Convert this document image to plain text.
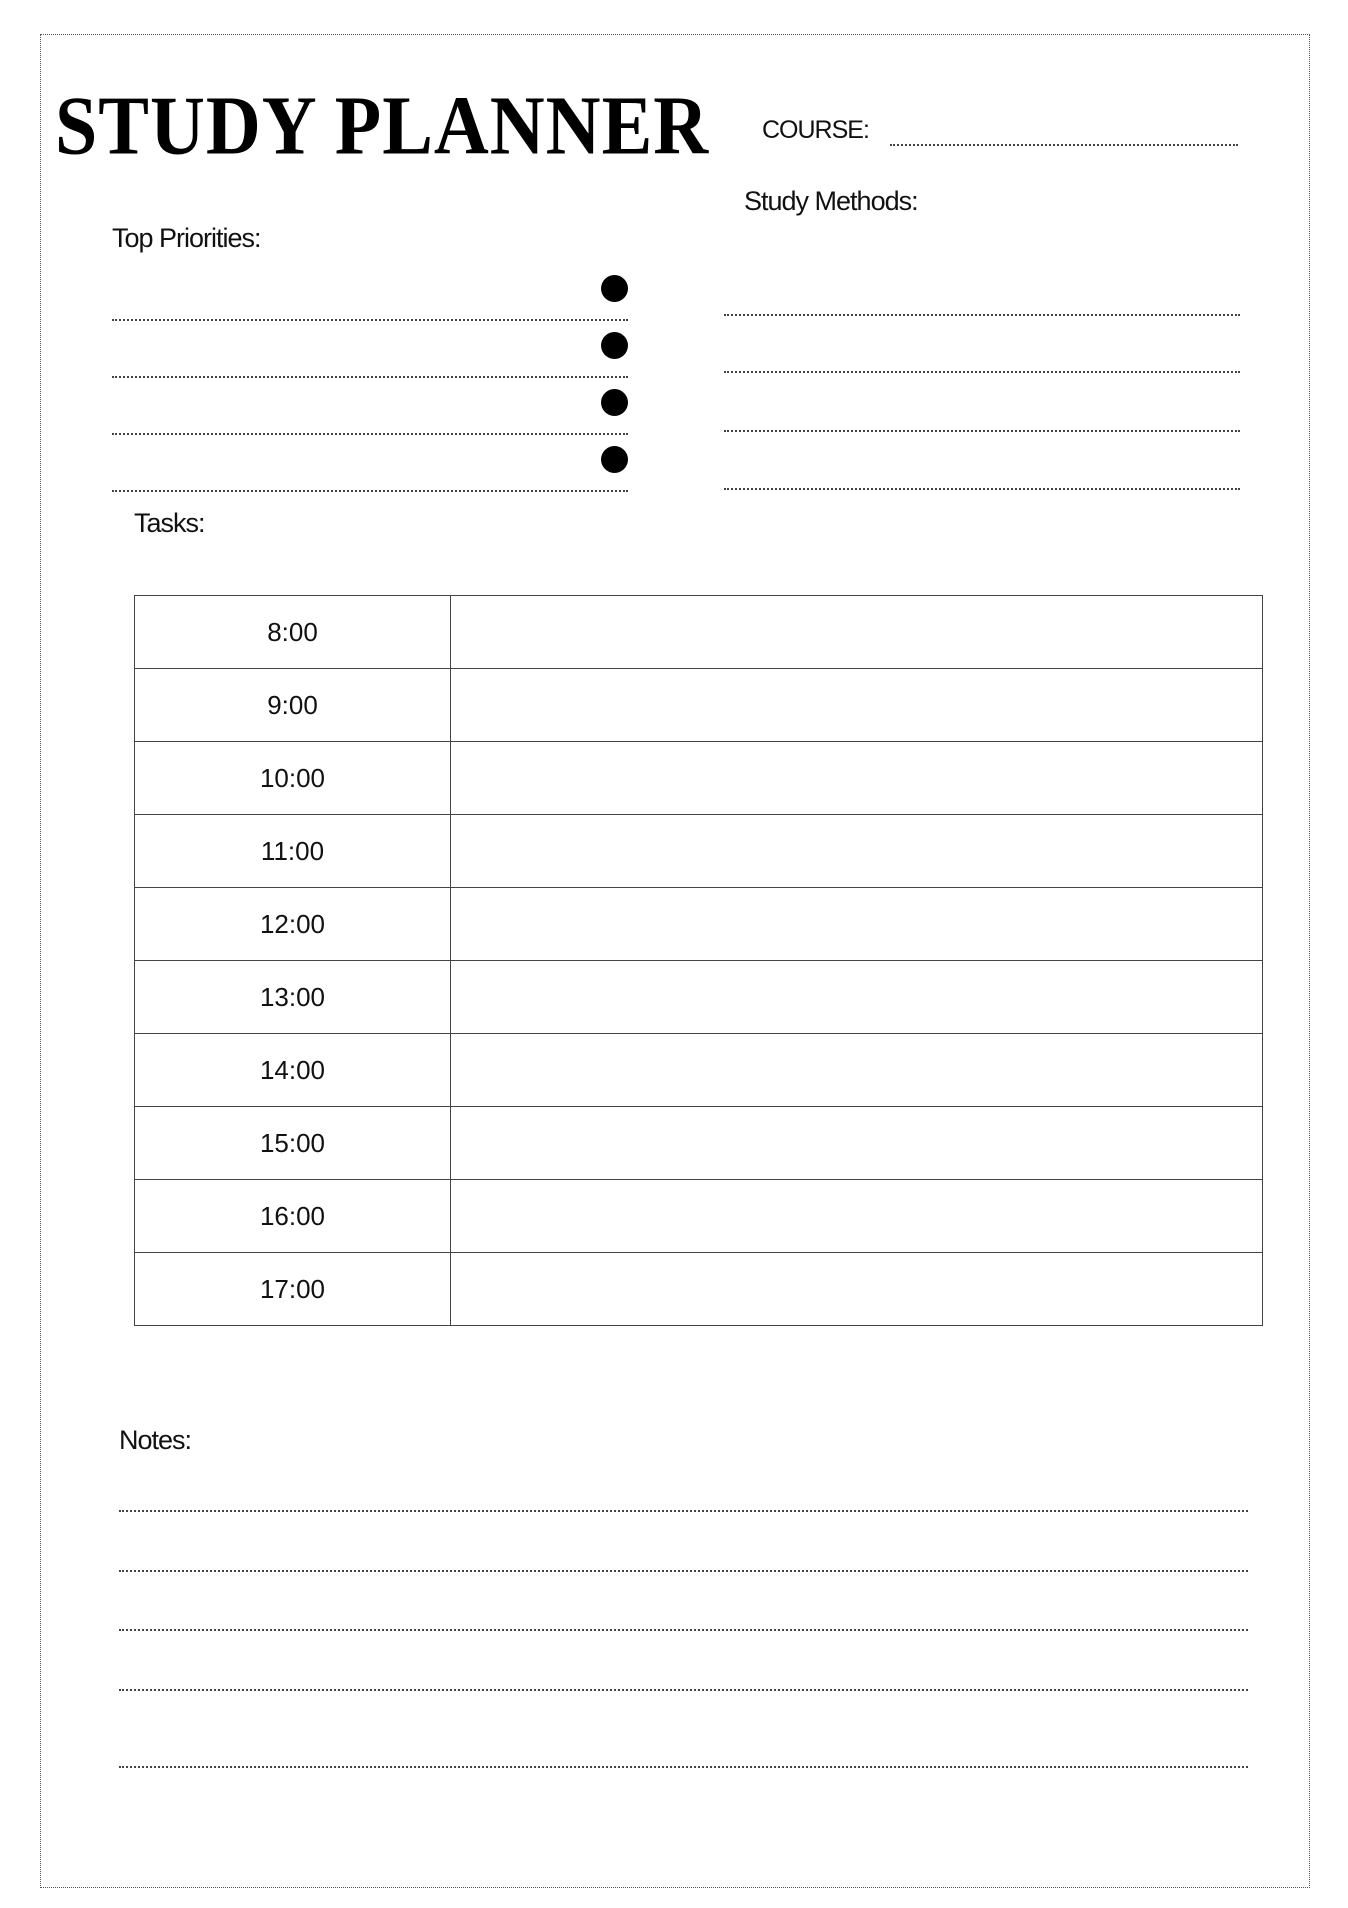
STUDY PLANNER COURSE:
Study Methods:
Top Priorities:
Tasks:
8:00	
9:00	
10:00	
11:00	
12:00	
13:00	
14:00	
15:00	
16:00	
17:00	
Notes:
